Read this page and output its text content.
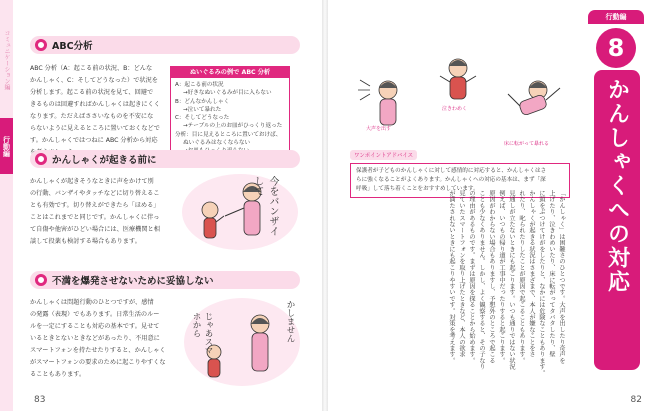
コミュニケーション編
行動編
ABC分析

ABC 分析（A：起こる前の状況、B：どんな

かんしゃく、C：そしてどうなった）で状況を

分析します。起こる前の状況を見て、回避で

きるものは回避すればかんしゃくは起きにくく

なります。ただえばささいなものを不安にな

らないように見えるところに置いておくなどで

す。かんしゃくではつねに ABC 分析から対応

ぬいぐるみの例で ABC 分析

A：起こる前の状況

→好きなぬいぐるみが目に入らない

B：どんなかんしゃく

→泣いて暴れた

C：そしてどうなった

→テーブルの上のお皿がひっくり返った

分析：目に見えるところに置いておけば、

ぬいぐるみはなくならない

かんしゃくが起きる前に

かんしゃくが起きそうなときに声をかけて別

の行動、バンザイやタッチなどに切り替えるこ

とも有効です。切り替えができたら「ほめる」

ことはこれまでと同じです。かんしゃくに伴っ

て自傷や他害がひどい場合には、医療機関と相

談して投薬も検討する場合もあります。

今をバンザイして
不満を爆発させないために妥協しない

かんしゃくは問題行動のひとつですが、感情

の発露（表現）でもあります。日常生活のルー

ルを一定にすることも対応の基本です。見せて

いるときとないときなどがあったり、不用意に

スマートフォンを持たせたりすると、かんしゃく

がスマートフォンの要求のために起こりやすくな

ることもあります。

じゃあスマホから	かしません
83
大声を出す
泣きわめく
床に転がって暴れる
ワンポイントアドバイス

保護者が子どものかんしゃくに対して感情的に対応すると、かんしゃくはさ

らに強くなることがよくあります。かんしゃくへの対応の基本は、まず「深

呼吸」して落ち着くことをおすすめしています。

「かんしゃく」は困難さのひとつです。大声を出したり奇声を

上げたり、泣きわめいたり、床に転がってタバタしたり、壁

に頭をぶつけてけがをしたりと、なかには危険なこともあります。

かんしゃくが起きる状況はさまざまで、本人が嫌なことをさ

れたり、叱られたりしたことが原因で起こることもあります。

見通しが立たないときにも起こります。いつも通りではない状況

例えば、いつもの帰り道が工事中だったりすると起こります。

原因がわからない場合もありますし、予想外のところで起こる

ことも少なくありません。しかし、よく観察すると、その子なり

の理由があるものです。まずは原因を探ることから始めます。

見ていたスマートフォンを取り上げたときなど、本人の欲求

が満たされないときにも起こりやすいです。対策を考えます。

行動編
8
かんしゃくへの対応
82
